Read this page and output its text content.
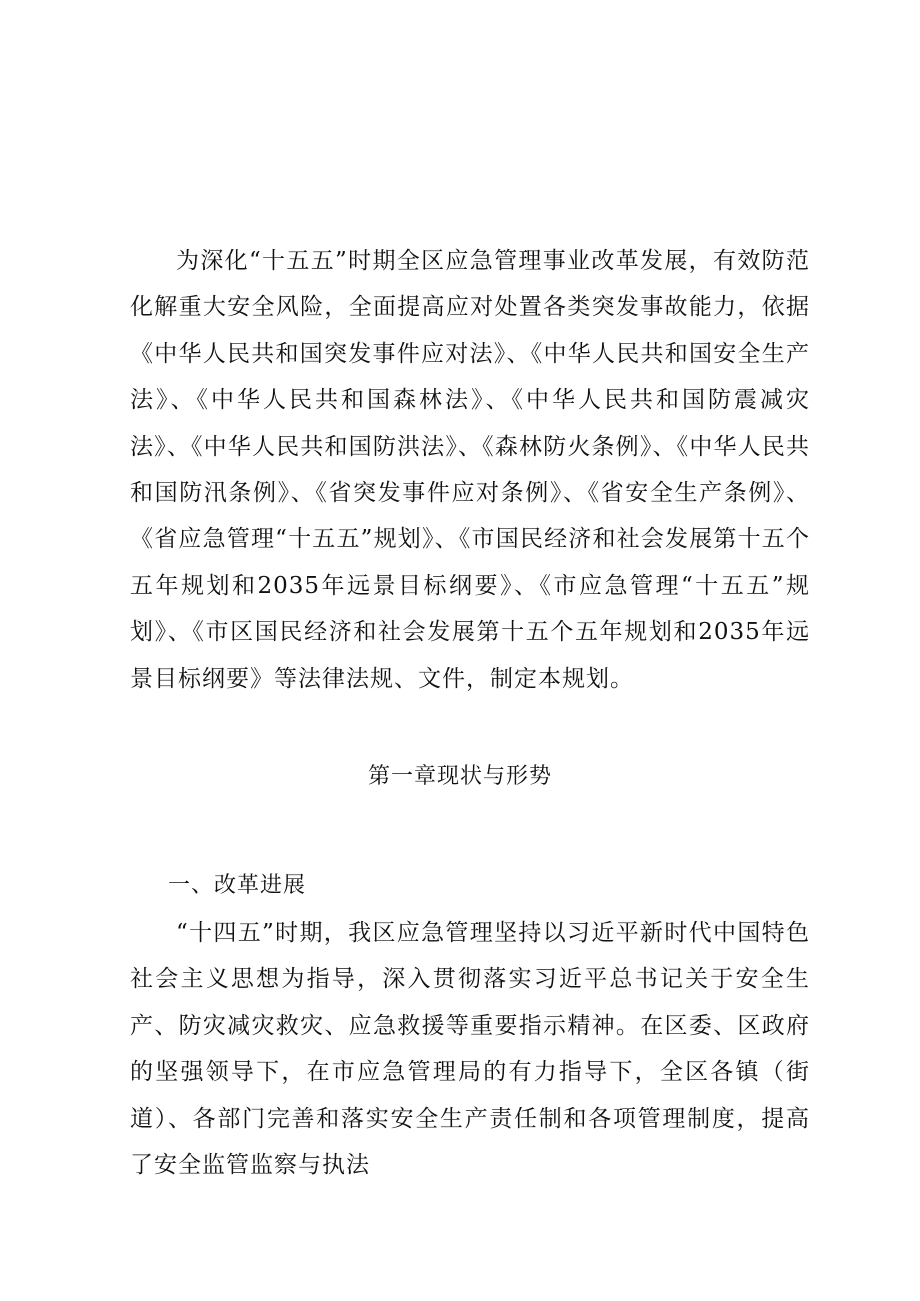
为深化“十五五”时期全区应急管理事业改革发展，有效防范化解重大安全风险，全面提高应对处置各类突发事故能力，依据《中华人民共和国突发事件应对法》、《中华人民共和国安全生产法》、《中华人民共和国森林法》、《中华人民共和国防震减灾法》、《中华人民共和国防洪法》、《森林防火条例》、《中华人民共和国防汛条例》、《省突发事件应对条例》、《省安全生产条例》、《省应急管理“十五五”规划》、《市国民经济和社会发展第十五个五年规划和2035年远景目标纲要》、《市应急管理“十五五”规划》、《市区国民经济和社会发展第十五个五年规划和2035年远景目标纲要》等法律法规、文件，制定本规划。

第一章现状与形势
一、改革进展

“十四五”时期，我区应急管理坚持以习近平新时代中国特色社会主义思想为指导，深入贯彻落实习近平总书记关于安全生产、防灾减灾救灾、应急救援等重要指示精神。在区委、区政府的坚强领导下，在市应急管理局的有力指导下，全区各镇（街道）、各部门完善和落实安全生产责任制和各项管理制度，提高了安全监管监察与执法
